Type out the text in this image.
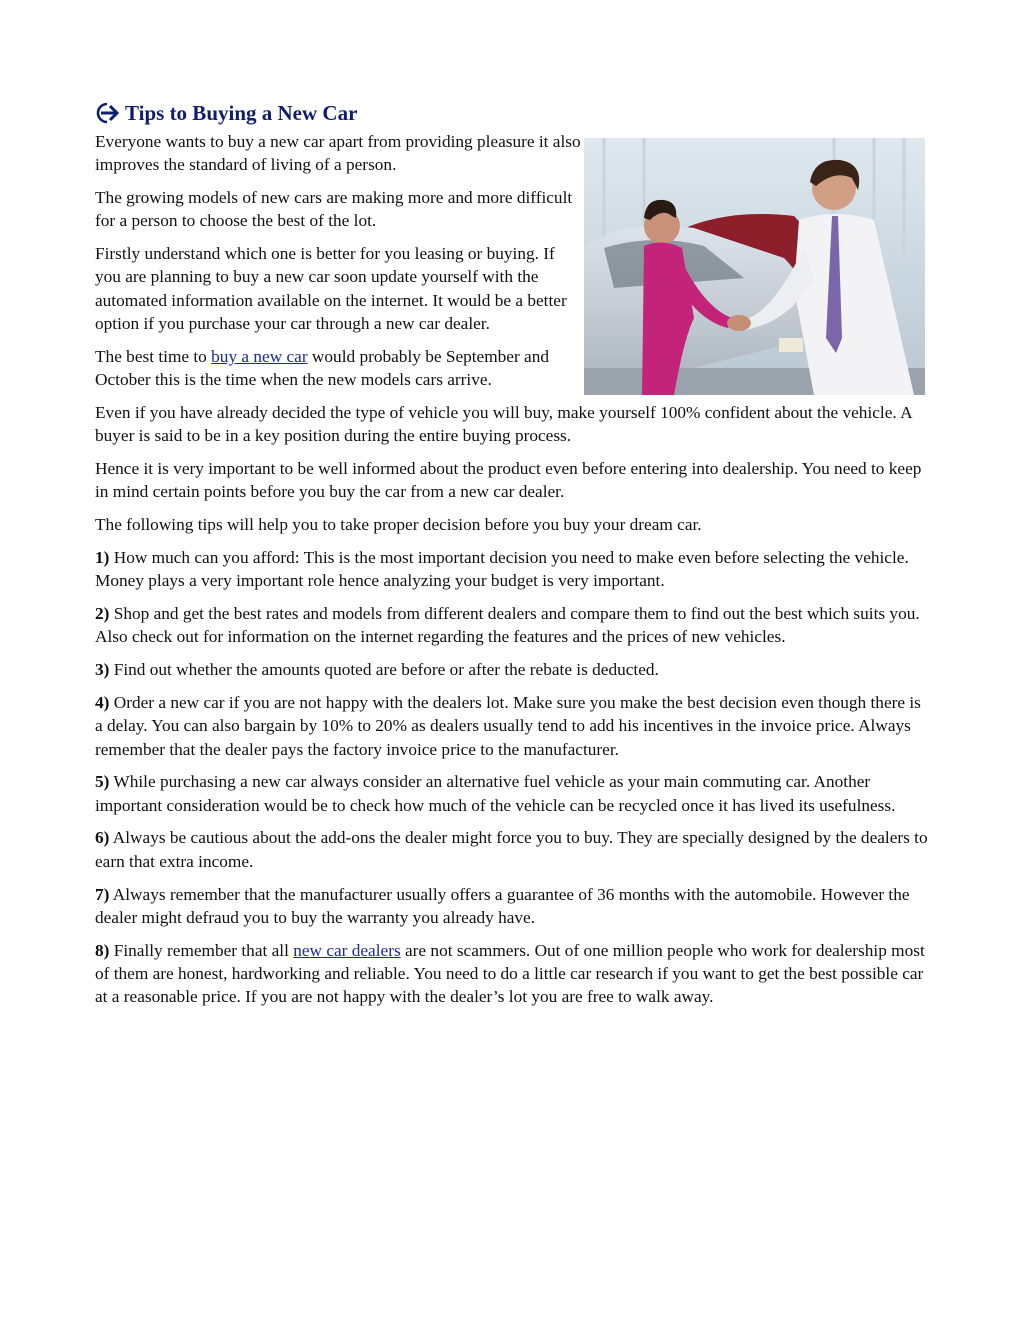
Tips to Buying a New Car

Everyone wants to buy a new car apart from providing pleasure it also improves the standard of living of a person.

The growing models of new cars are making more and more difficult for a person to choose the best of the lot.

Firstly understand which one is better for you leasing or buying. If you are planning to buy a new car soon update yourself with the automated information available on the internet. It would be a better option if you purchase your car through a new car dealer.

The best time to buy a new car would probably be September and October this is the time when the new models cars arrive.

Even if you have already decided the type of vehicle you will buy, make yourself 100% confident about the vehicle. A buyer is said to be in a key position during the entire buying process.

Hence it is very important to be well informed about the product even before entering into dealership. You need to keep in mind certain points before you buy the car from a new car dealer.

The following tips will help you to take proper decision before you buy your dream car.

1) How much can you afford: This is the most important decision you need to make even before selecting the vehicle. Money plays a very important role hence analyzing your budget is very important.

2) Shop and get the best rates and models from different dealers and compare them to find out the best which suits you. Also check out for information on the internet regarding the features and the prices of new vehicles.

3) Find out whether the amounts quoted are before or after the rebate is deducted.

4) Order a new car if you are not happy with the dealers lot. Make sure you make the best decision even though there is a delay. You can also bargain by 10% to 20% as dealers usually tend to add his incentives in the invoice price. Always remember that the dealer pays the factory invoice price to the manufacturer.

5) While purchasing a new car always consider an alternative fuel vehicle as your main commuting car. Another important consideration would be to check how much of the vehicle can be recycled once it has lived its usefulness.

6) Always be cautious about the add-ons the dealer might force you to buy. They are specially designed by the dealers to earn that extra income.

7) Always remember that the manufacturer usually offers a guarantee of 36 months with the automobile. However the dealer might defraud you to buy the warranty you already have.

8) Finally remember that all new car dealers are not scammers. Out of one million people who work for dealership most of them are honest, hardworking and reliable. You need to do a little car research if you want to get the best possible car at a reasonable price. If you are not happy with the dealer’s lot you are free to walk away.
